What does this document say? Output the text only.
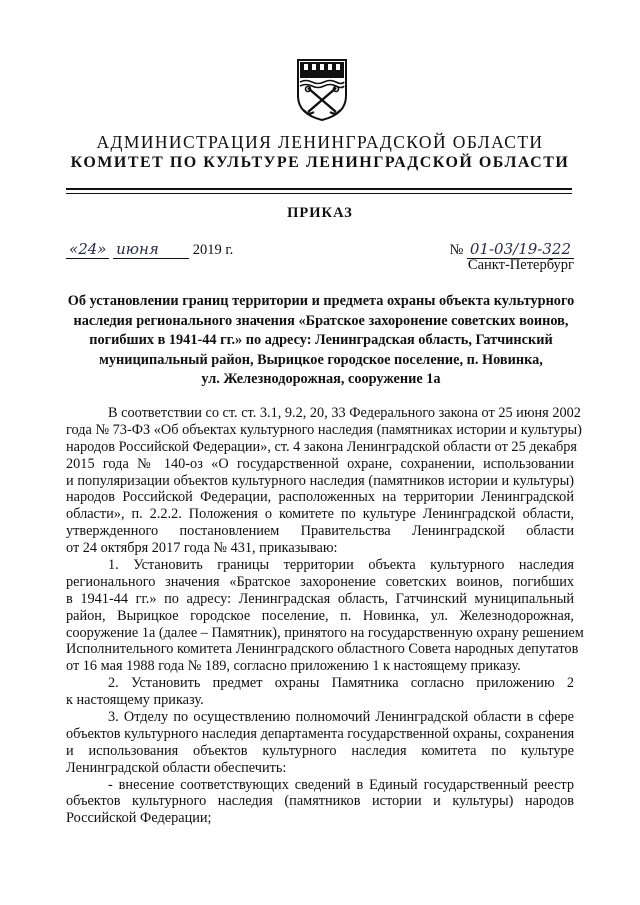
АДМИНИСТРАЦИЯ ЛЕНИНГРАДСКОЙ ОБЛАСТИ
КОМИТЕТ ПО КУЛЬТУРЕ ЛЕНИНГРАДСКОЙ ОБЛАСТИ
ПРИКАЗ
«24» июня 2019 г.	№ 01-03/19-322
Санкт-Петербург
Об установлении границ территории и предмета охраны объекта культурного
наследия регионального значения «Братское захоронение советских воинов,
погибших в 1941-44 гг.» по адресу: Ленинградская область, Гатчинский
муниципальный район, Вырицкое городское поселение, п. Новинка,
ул. Железнодорожная, сооружение 1а
В соответствии со ст. ст. 3.1, 9.2, 20, 33 Федерального закона от 25 июня 2002
года № 73-ФЗ «Об объектах культурного наследия (памятниках истории и культуры)
народов Российской Федерации», ст. 4 закона Ленинградской области от 25 декабря
2015 года № 140-оз «О государственной охране, сохранении, использовании
и популяризации объектов культурного наследия (памятников истории и культуры)
народов Российской Федерации, расположенных на территории Ленинградской
области», п. 2.2.2. Положения о комитете по культуре Ленинградской области,
утвержденного постановлением Правительства Ленинградской области
от 24 октября 2017 года № 431, приказываю:
1. Установить границы территории объекта культурного наследия
регионального значения «Братское захоронение советских воинов, погибших
в 1941-44 гг.» по адресу: Ленинградская область, Гатчинский муниципальный
район, Вырицкое городское поселение, п. Новинка, ул. Железнодорожная,
сооружение 1а (далее – Памятник), принятого на государственную охрану решением
Исполнительного комитета Ленинградского областного Совета народных депутатов
от 16 мая 1988 года № 189, согласно приложению 1 к настоящему приказу.
2. Установить предмет охраны Памятника согласно приложению 2
к настоящему приказу.
3. Отделу по осуществлению полномочий Ленинградской области в сфере
объектов культурного наследия департамента государственной охраны, сохранения
и использования объектов культурного наследия комитета по культуре
Ленинградской области обеспечить:
- внесение соответствующих сведений в Единый государственный реестр
объектов культурного наследия (памятников истории и культуры) народов
Российской Федерации;
